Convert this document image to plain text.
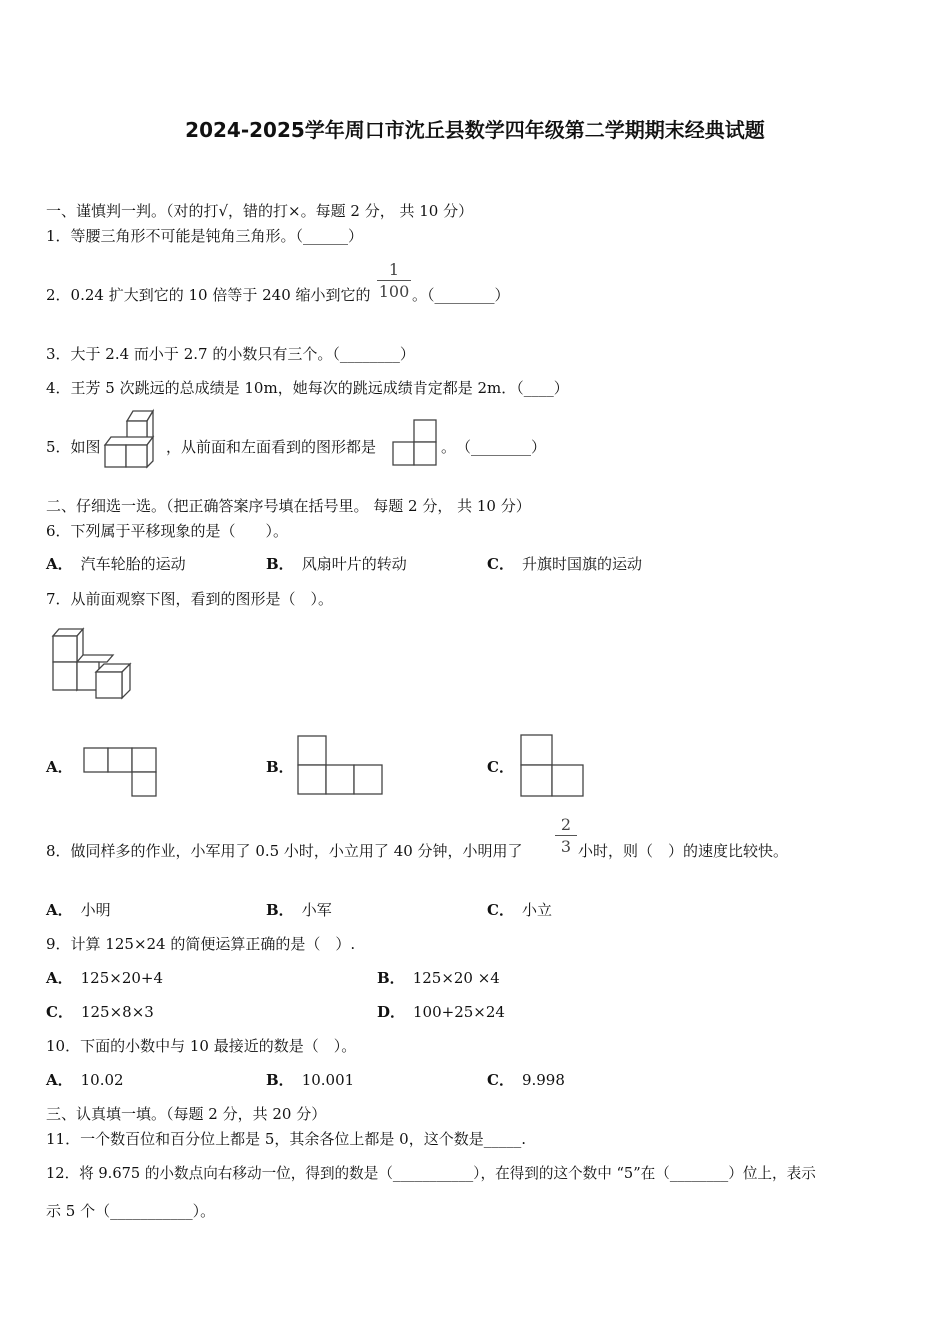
2024-2025学年周口市沈丘县数学四年级第二学期期末经典试题
一、谨慎判一判。（对的打√，错的打×。每题 2 分， 共 10 分）
1．等腰三角形不可能是钝角三角形。（______）
2．0.24 扩大到它的 10 倍等于 240 缩小到它的
1
100 。（________）
3．大于 2.4 而小于 2.7 的小数只有三个。（________）
4．王芳 5 次跳远的总成绩是 10m，她每次的跳远成绩肯定都是 2m．（____）
5．如图	，从前面和左面看到的图形都是	。　（________）
二、仔细选一选。（把正确答案序号填在括号里。 每题 2 分， 共 10 分）
6．下列属于平移现象的是（　　）。
A． 汽车轮胎的运动	B． 风扇叶片的转动	C． 升旗时国旗的运动
7．从前面观察下图，看到的图形是（　）。
A．	B．	C．
8．做同样多的作业，小军用了 0.5 小时，小立用了 40 分钟，小明用了
2
3 小时，则（　）的速度比较快。
A． 小明	B． 小军	C． 小立
9．计算 125×24 的简便运算正确的是（　）.
A． 125×20+4	B． 125×20 ×4
C． 125×8×3	D． 100+25×24
10．下面的小数中与 10 最接近的数是（　）。
A． 10.02	B． 10.001	C． 9.998
三、认真填一填。（每题 2 分，共 20 分）
11．一个数百位和百分位上都是 5，其余各位上都是 0，这个数是_____.
12．将 9.675 的小数点向右移动一位，得到的数是（___________），在得到的这个数中 “5”在（________）位上，表示
示 5 个（___________）。
